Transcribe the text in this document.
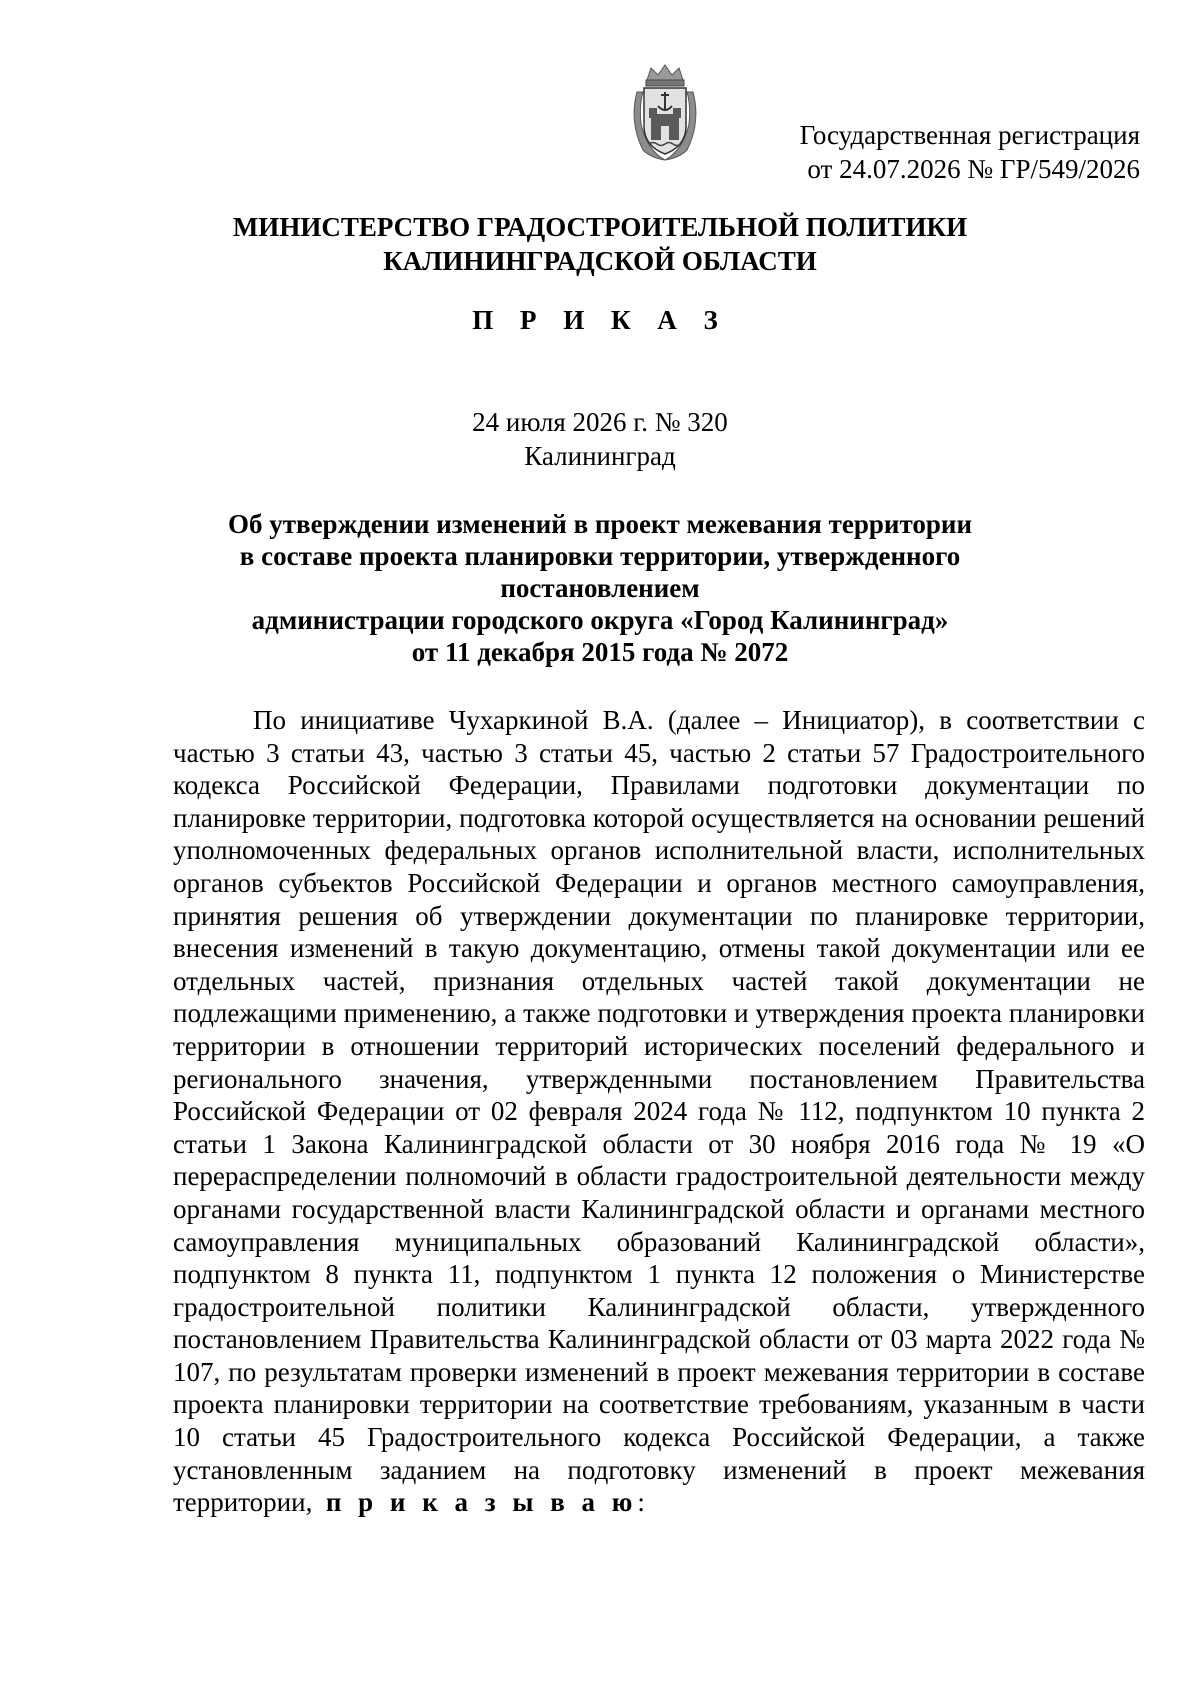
Государственная регистрация
от 24.07.2026 № ГР/549/2026
МИНИСТЕРСТВО ГРАДОСТРОИТЕЛЬНОЙ ПОЛИТИКИ
КАЛИНИНГРАДСКОЙ ОБЛАСТИ
П Р И К А З
24 июля 2026 г. № 320
Калининград
Об утверждении изменений в проект межевания территории
в составе проекта планировки территории, утвержденного постановлением
администрации городского округа «Город Калининград»
от 11 декабря 2015 года № 2072

По инициативе Чухаркиной В.А. (далее – Инициатор), в соответствии с частью 3 статьи 43, частью 3 статьи 45, частью 2 статьи 57 Градостроительного кодекса Российской Федерации, Правилами подготовки документации по планировке территории, подготовка которой осуществляется на основании решений уполномоченных федеральных органов исполнительной власти, исполнительных органов субъектов Российской Федерации и органов местного самоуправления, принятия решения об утверждении документации по планировке территории, внесения изменений в такую документацию, отмены такой документации или ее отдельных частей, признания отдельных частей такой документации не подлежащими применению, а также подготовки и утверждения проекта планировки территории в отношении территорий исторических поселений федерального и регионального значения, утвержденными постановлением Правительства Российской Федерации от 02 февраля 2024 года № 112, подпунктом 10 пункта 2 статьи 1 Закона Калининградской области от 30 ноября 2016 года № 19 «О перераспределении полномочий в области градостроительной деятельности между органами государственной власти Калининградской области и органами местного самоуправления муниципальных образований Калининградской области», подпунктом 8 пункта 11, подпунктом 1 пункта 12 положения о Министерстве градостроительной политики Калининградской области, утвержденного постановлением Правительства Калининградской области от 03 марта 2022 года № 107, по результатам проверки изменений в проект межевания территории в составе проекта планировки территории на соответствие требованиям, указанным в части 10 статьи 45 Градостроительного кодекса Российской Федерации, а также установленным заданием на подготовку изменений в проект межевания территории, п р и к а з ы в а ю:
